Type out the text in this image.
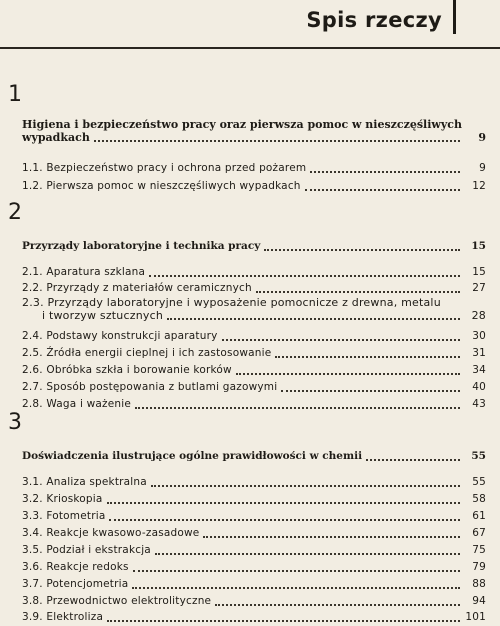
Spis rzeczy
1
Higiena i bezpieczeństwo pracy oraz pierwsza pomoc w nieszczęśliwych
wypadkach	9
1.1. Bezpieczeństwo pracy i ochrona przed pożarem	9
1.2. Pierwsza pomoc w nieszczęśliwych wypadkach	12
2
Przyrządy laboratoryjne i technika pracy	15
2.1. Aparatura szklana	15
2.2. Przyrządy z materiałów ceramicznych	27
2.3. Przyrządy laboratoryjne i wyposażenie pomocnicze z drewna, metalu
i tworzyw sztucznych	28
2.4. Podstawy konstrukcji aparatury	30
2.5. Źródła energii cieplnej i ich zastosowanie	31
2.6. Obróbka szkła i borowanie korków	34
2.7. Sposób postępowania z butlami gazowymi	40
2.8. Waga i ważenie	43
3
Doświadczenia ilustrujące ogólne prawidłowości w chemii	55
3.1. Analiza spektralna	55
3.2. Krioskopia	58
3.3. Fotometria	61
3.4. Reakcje kwasowo-zasadowe	67
3.5. Podział i ekstrakcja	75
3.6. Reakcje redoks	79
3.7. Potencjometria	88
3.8. Przewodnictwo elektrolityczne	94
3.9. Elektroliza	101
